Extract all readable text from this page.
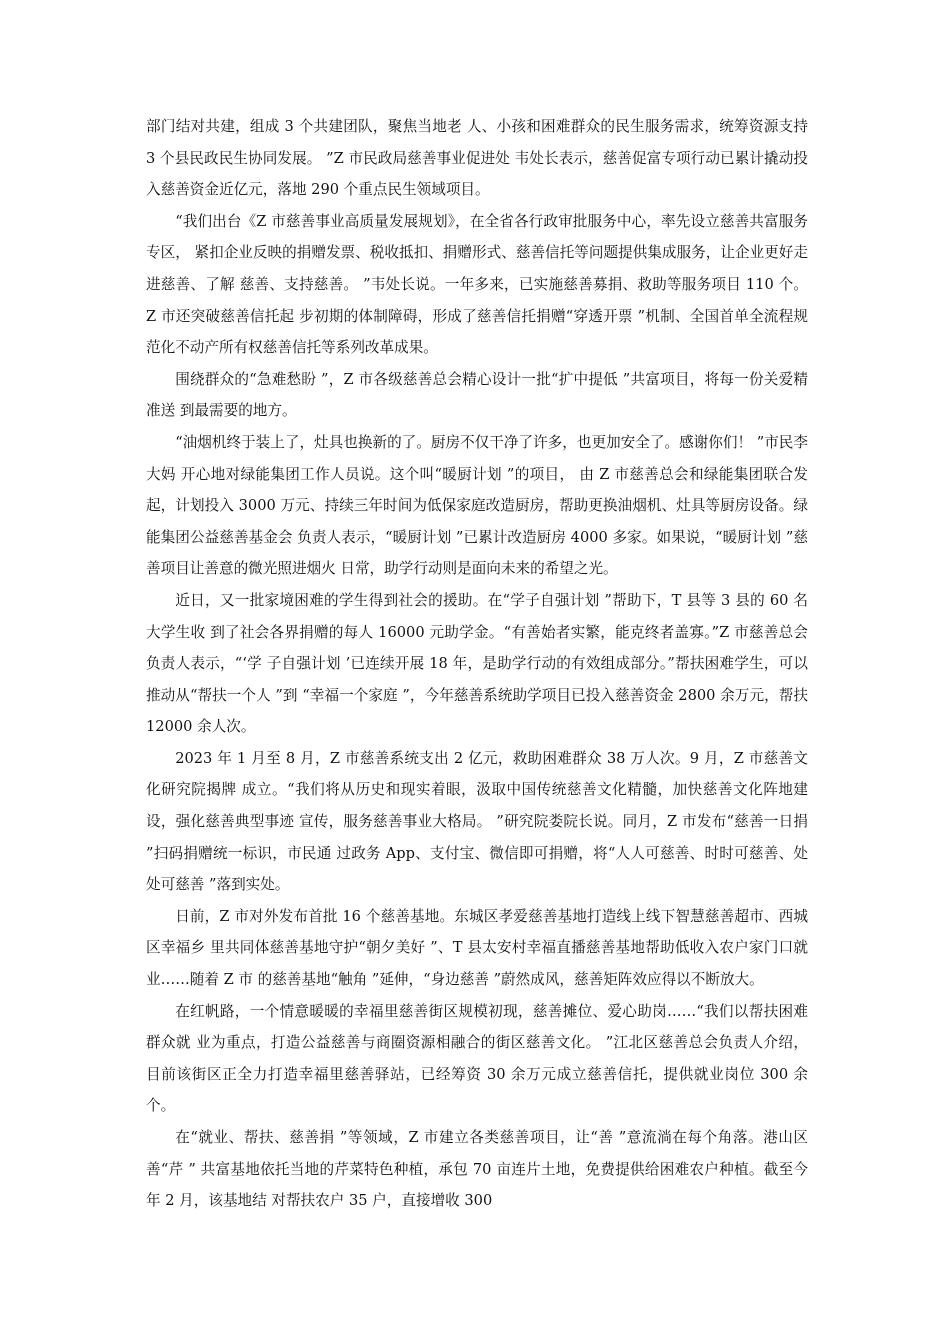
部门结对共建，组成 3 个共建团队，聚焦当地老 人、小孩和困难群众的民生服务需求，统筹资源支持 3 个县民政民生协同发展。 ”Z 市民政局慈善事业促进处 韦处长表示，慈善促富专项行动已累计撬动投入慈善资金近亿元，落地 290 个重点民生领域项目。

“我们出台《Z 市慈善事业高质量发展规划》，在全省各行政审批服务中心，率先设立慈善共富服务专区， 紧扣企业反映的捐赠发票、税收抵扣、捐赠形式、慈善信托等问题提供集成服务，让企业更好走进慈善、了解 慈善、支持慈善。 ”韦处长说。一年多来，已实施慈善募捐、救助等服务项目 110 个。Z 市还突破慈善信托起 步初期的体制障碍，形成了慈善信托捐赠“穿透开票 ”机制、全国首单全流程规范化不动产所有权慈善信托等系列改革成果。

围绕群众的“急难愁盼 ”，Z 市各级慈善总会精心设计一批“扩中提低 ”共富项目，将每一份关爱精准送 到最需要的地方。

“油烟机终于装上了，灶具也换新的了。厨房不仅干净了许多，也更加安全了。感谢你们！ ”市民李大妈 开心地对绿能集团工作人员说。这个叫“暖厨计划 ”的项目， 由 Z 市慈善总会和绿能集团联合发起，计划投入 3000 万元、持续三年时间为低保家庭改造厨房，帮助更换油烟机、灶具等厨房设备。绿能集团公益慈善基金会 负责人表示，“暖厨计划 ”已累计改造厨房 4000 多家。如果说，“暖厨计划 ”慈善项目让善意的微光照进烟火 日常，助学行动则是面向未来的希望之光。

近日，又一批家境困难的学生得到社会的援助。在“学子自强计划 ”帮助下，T 县等 3 县的 60 名大学生收 到了社会各界捐赠的每人 16000 元助学金。“有善始者实繁，能克终者盖寡。”Z 市慈善总会负责人表示，“‘学 子自强计划 ’已连续开展 18 年，是助学行动的有效组成部分。”帮扶困难学生，可以推动从“帮扶一个人 ”到 “幸福一个家庭 ”，今年慈善系统助学项目已投入慈善资金 2800 余万元，帮扶 12000 余人次。

2023 年 1 月至 8 月，Z 市慈善系统支出 2 亿元，救助困难群众 38 万人次。9 月，Z 市慈善文化研究院揭牌 成立。“我们将从历史和现实着眼，汲取中国传统慈善文化精髓，加快慈善文化阵地建设，强化慈善典型事迹 宣传，服务慈善事业大格局。 ”研究院娄院长说。同月，Z 市发布“慈善一日捐 ”扫码捐赠统一标识，市民通 过政务 App、支付宝、微信即可捐赠，将“人人可慈善、时时可慈善、处处可慈善 ”落到实处。

日前，Z 市对外发布首批 16 个慈善基地。东城区孝爱慈善基地打造线上线下智慧慈善超市、西城区幸福乡 里共同体慈善基地守护“朝夕美好 ”、T 县太安村幸福直播慈善基地帮助低收入农户家门口就业……随着 Z 市 的慈善基地“触角 ”延伸，“身边慈善 ”蔚然成风，慈善矩阵效应得以不断放大。

在红帆路，一个情意暖暖的幸福里慈善街区规模初现，慈善摊位、爱心助岗……“我们以帮扶困难群众就 业为重点，打造公益慈善与商圈资源相融合的街区慈善文化。 ”江北区慈善总会负责人介绍， 目前该街区正全力打造幸福里慈善驿站，已经筹资 30 余万元成立慈善信托，提供就业岗位 300 余个。

在“就业、帮扶、慈善捐 ”等领域，Z 市建立各类慈善项目，让“善 ”意流淌在每个角落。港山区善“芹 ” 共富基地依托当地的芹菜特色种植，承包 70 亩连片土地，免费提供给困难农户种植。截至今年 2 月，该基地结 对帮扶农户 35 户，直接增收 300
